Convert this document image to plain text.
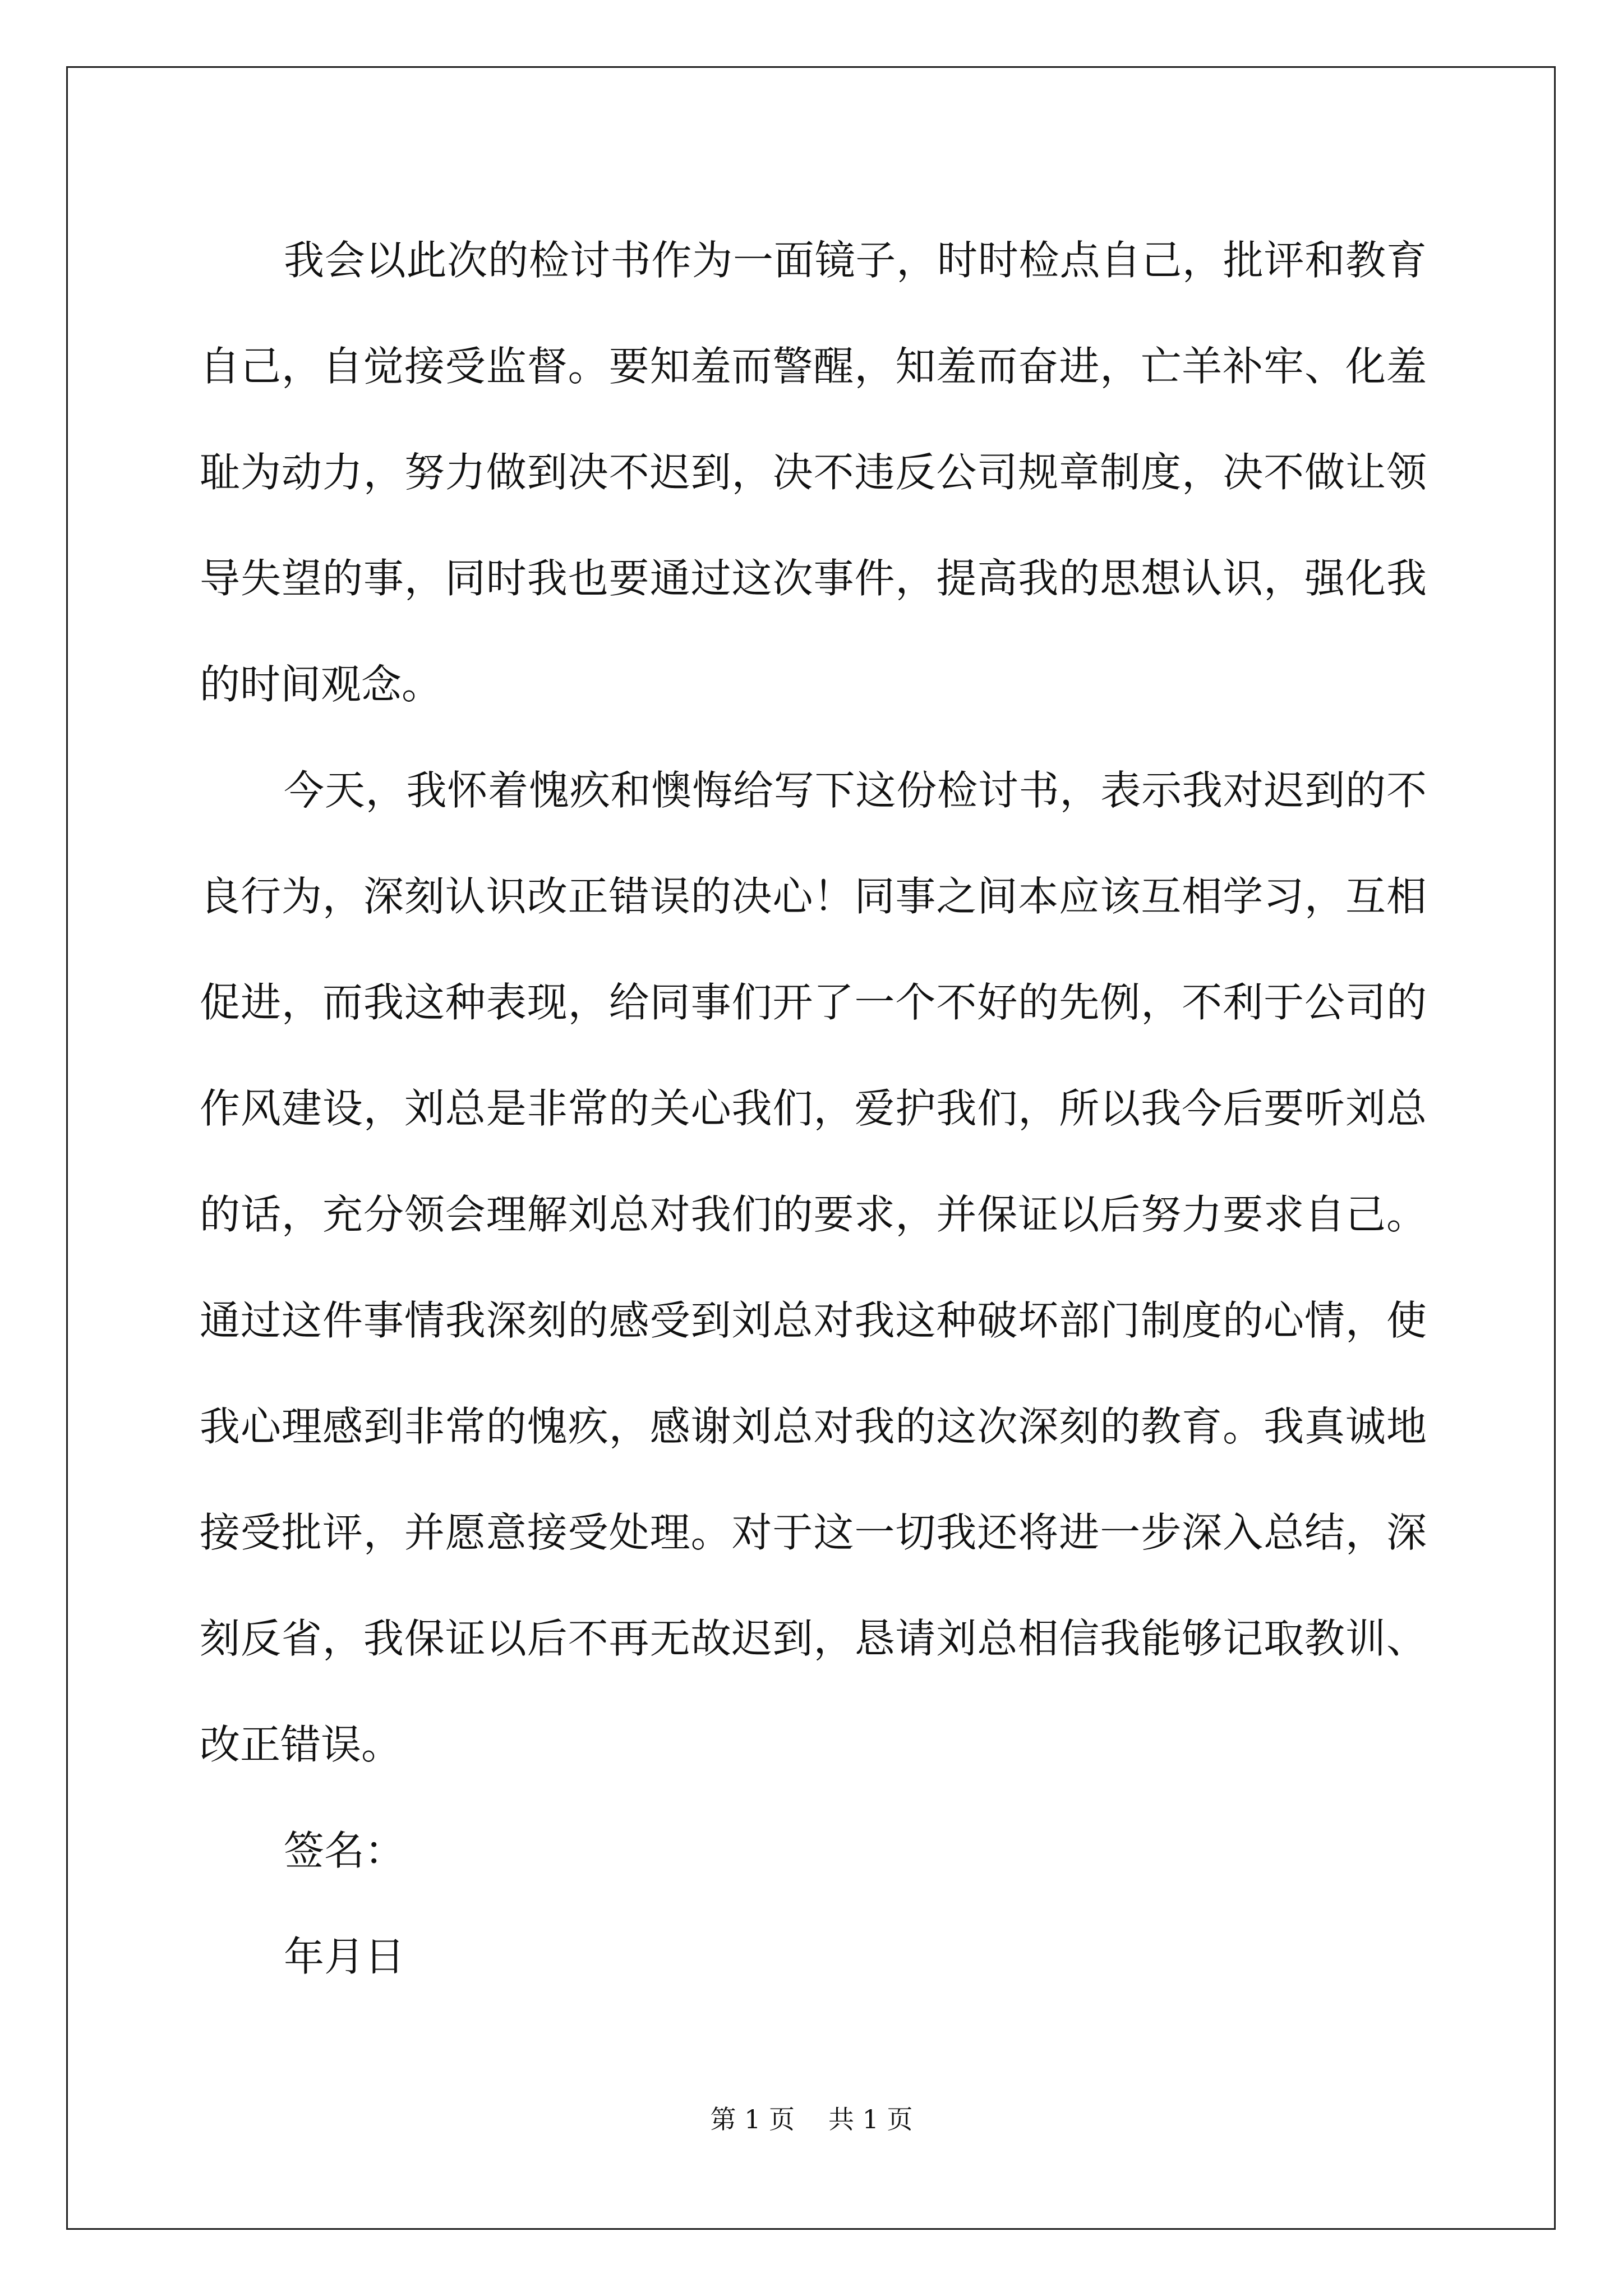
我会以此次的检讨书作为一面镜子，时时检点自己，批评和教育
自己，自觉接受监督。要知羞而警醒，知羞而奋进，亡羊补牢、化羞
耻为动力，努力做到决不迟到，决不违反公司规章制度，决不做让领
导失望的事，同时我也要通过这次事件，提高我的思想认识，强化我
的时间观念。
今天，我怀着愧疚和懊悔给写下这份检讨书，表示我对迟到的不
良行为，深刻认识改正错误的决心！同事之间本应该互相学习，互相
促进，而我这种表现，给同事们开了一个不好的先例，不利于公司的
作风建设，刘总是非常的关心我们，爱护我们，所以我今后要听刘总
的话，充分领会理解刘总对我们的要求，并保证以后努力要求自己。
通过这件事情我深刻的感受到刘总对我这种破坏部门制度的心情，使
我心理感到非常的愧疚，感谢刘总对我的这次深刻的教育。我真诚地
接受批评，并愿意接受处理。对于这一切我还将进一步深入总结，深
刻反省，我保证以后不再无故迟到，恳请刘总相信我能够记取教训、
改正错误。
签名：
年月日
第 1 页 共 1 页
